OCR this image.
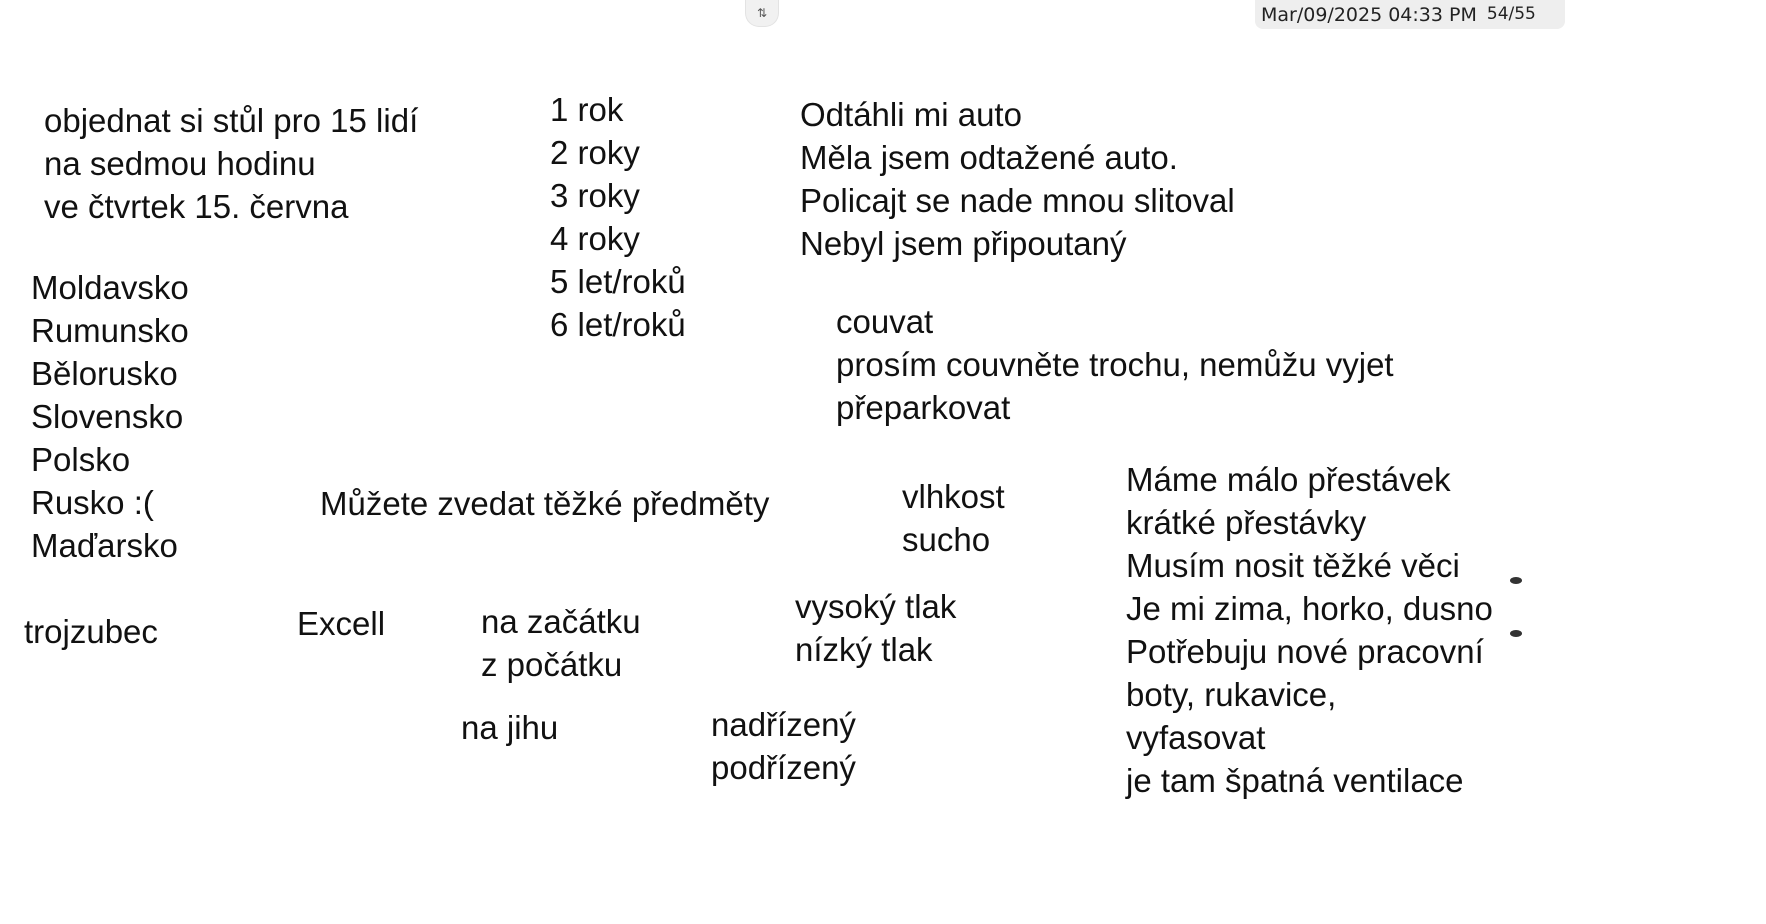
⇅	Mar/09/2025 04:33 PM 54/55
objednat si stůl pro 15 lidí
na sedmou hodinu
ve čtvrtek 15. června
1 rok
2 roky
3 roky
4 roky
5 let/roků
6 let/roků
Odtáhli mi auto
Měla jsem odtažené auto.
Policajt se nade mnou slitoval
Nebyl jsem připoutaný
Moldavsko
Rumunsko
Bělorusko
Slovensko
Polsko
Rusko :(
Maďarsko
couvat
prosím couvněte trochu, nemůžu vyjet
přeparkovat
Můžete zvedat těžké předměty	vlhkost
sucho
Máme málo přestávek
krátké přestávky
Musím nosit těžké věci
Je mi zima, horko, dusno
Potřebuju nové pracovní
boty, rukavice,
vyfasovat
je tam špatná ventilace
trojzubec	Excell	na začátku
z počátku
vysoký tlak
nízký tlak
na jihu	nadřízený
podřízený
